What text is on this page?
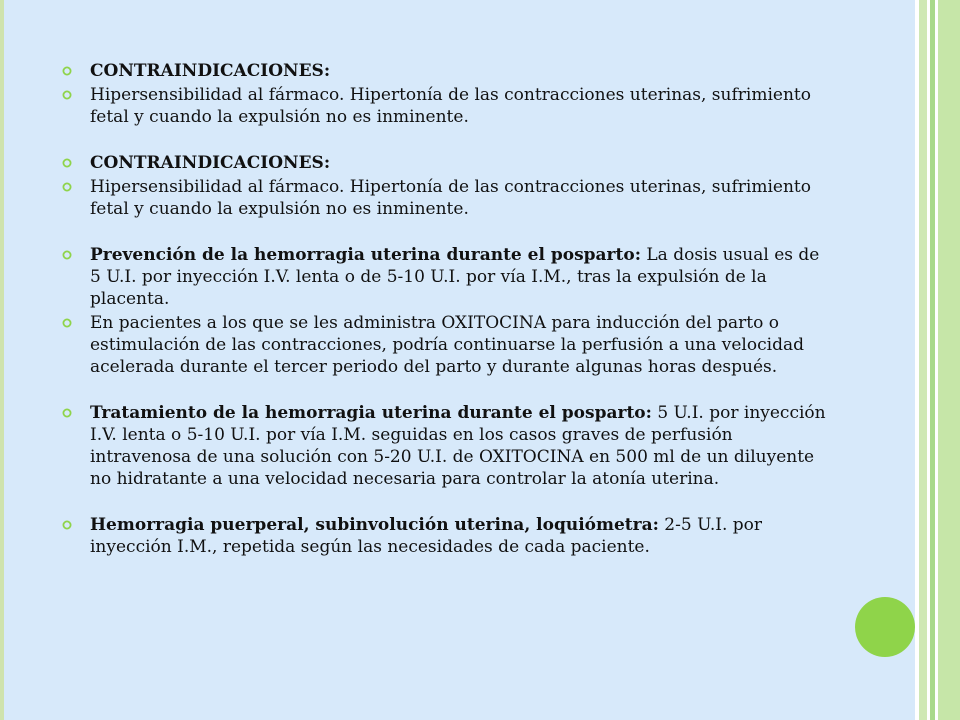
CONTRAINDICACIONES:

Hipersensibilidad al fármaco. Hipertonía de las contracciones uterinas, sufrimiento fetal y cuando la expulsión no es inminente.

CONTRAINDICACIONES:

Hipersensibilidad al fármaco. Hipertonía de las contracciones uterinas, sufrimiento fetal y cuando la expulsión no es inminente.

Prevención de la hemorragia uterina durante el posparto: La dosis usual es de 5 U.I. por inyección I.V. lenta o de 5-10 U.I. por vía I.M., tras la expulsión de la placenta.

En pacientes a los que se les administra OXITOCINA para inducción del parto o estimulación de las contracciones, podría continuarse la perfusión a una velocidad acelerada durante el tercer periodo del parto y durante algunas horas después.

Tratamiento de la hemorragia uterina durante el posparto: 5 U.I. por inyección I.V. lenta o 5-10 U.I. por vía I.M. seguidas en los casos graves de perfusión intravenosa de una solución con 5-20 U.I. de OXITOCINA en 500 ml de un diluyente no hidratante a una velocidad necesaria para controlar la atonía uterina.

Hemorragia puerperal, subinvolución uterina, loquiómetra: 2-5 U.I. por inyección I.M., repetida según las necesidades de cada paciente.
